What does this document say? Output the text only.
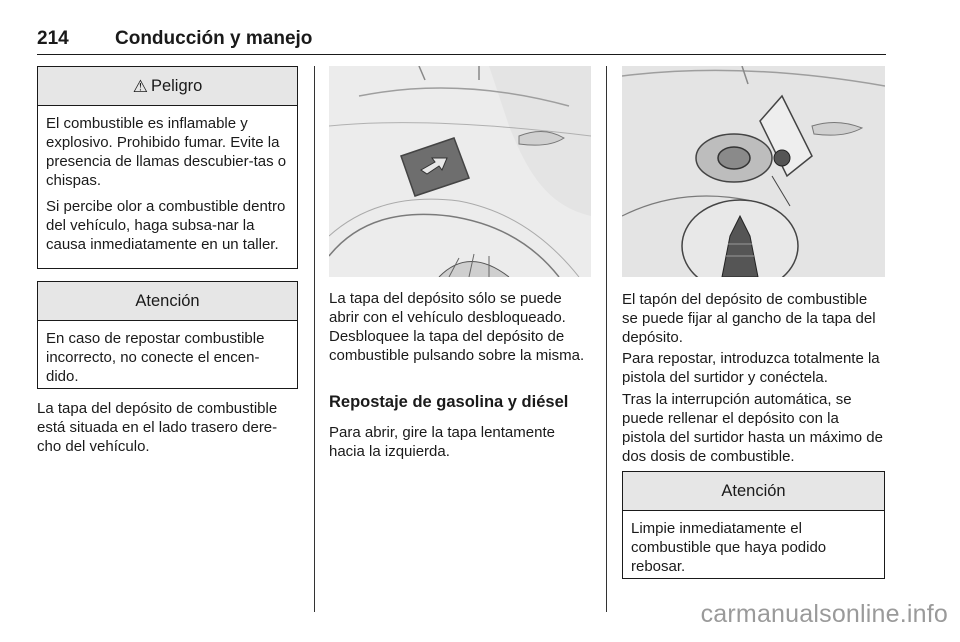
214 Conducción y manejo
⚠ Peligro

El combustible es inflamable y explosivo. Prohibido fumar. Evite la presencia de llamas descubier-tas o chispas.

Si percibe olor a combustible dentro del vehículo, haga subsa-nar la causa inmediatamente en un taller.

Atención

En caso de repostar combustible incorrecto, no conecte el encen-dido.

La tapa del depósito de combustible está situada en el lado trasero dere-cho del vehículo.

La tapa del depósito sólo se puede abrir con el vehículo desbloqueado. Desbloquee la tapa del depósito de combustible pulsando sobre la misma.

Repostaje de gasolina y diésel

Para abrir, gire la tapa lentamente hacia la izquierda.

El tapón del depósito de combustible se puede fijar al gancho de la tapa del depósito.

Para repostar, introduzca totalmente la pistola del surtidor y conéctela.

Tras la interrupción automática, se puede rellenar el depósito con la pistola del surtidor hasta un máximo de dos dosis de combustible.

Atención

Limpie inmediatamente el combustible que haya podido rebosar.

carmanualsonline.info
